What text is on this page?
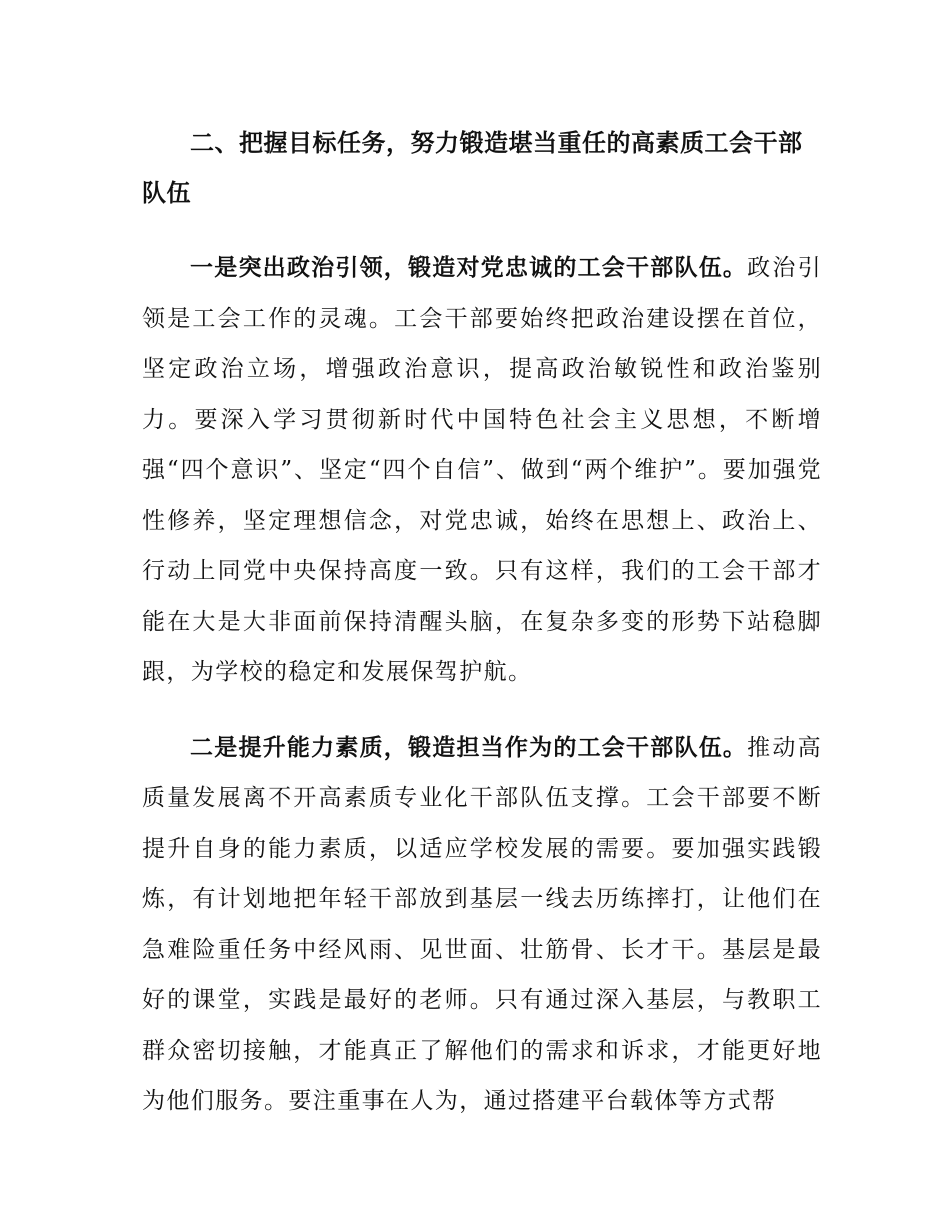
二、把握目标任务，努力锻造堪当重任的高素质工会干部队伍

一是突出政治引领，锻造对党忠诚的工会干部队伍。政治引领是工会工作的灵魂。工会干部要始终把政治建设摆在首位，坚定政治立场，增强政治意识，提高政治敏锐性和政治鉴别力。要深入学习贯彻新时代中国特色社会主义思想，不断增强“四个意识”、坚定“四个自信”、做到“两个维护”。要加强党性修养，坚定理想信念，对党忠诚，始终在思想上、政治上、行动上同党中央保持高度一致。只有这样，我们的工会干部才能在大是大非面前保持清醒头脑，在复杂多变的形势下站稳脚跟，为学校的稳定和发展保驾护航。

二是提升能力素质，锻造担当作为的工会干部队伍。推动高质量发展离不开高素质专业化干部队伍支撑。工会干部要不断提升自身的能力素质，以适应学校发展的需要。要加强实践锻炼，有计划地把年轻干部放到基层一线去历练摔打，让他们在急难险重任务中经风雨、见世面、壮筋骨、长才干。基层是最好的课堂，实践是最好的老师。只有通过深入基层，与教职工群众密切接触，才能真正了解他们的需求和诉求，才能更好地为他们服务。要注重事在人为，通过搭建平台载体等方式帮
